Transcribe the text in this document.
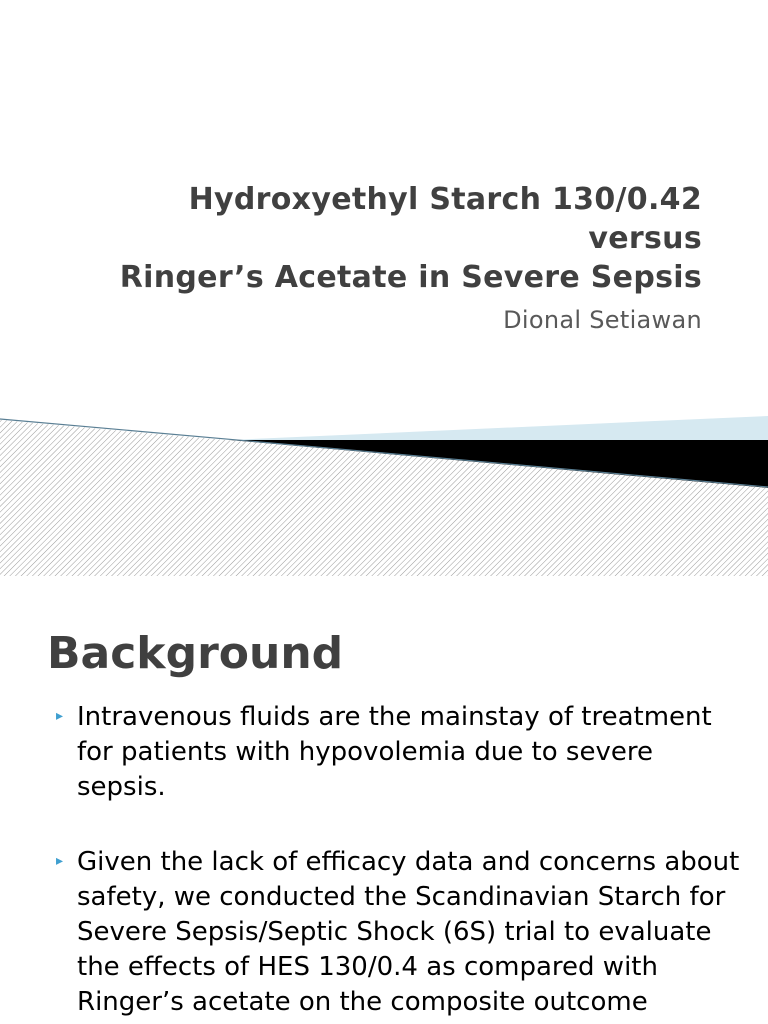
Hydroxyethyl Starch 130/0.42
versus
Ringer’s Acetate in Severe Sepsis

Dional Setiawan

Background
▸ Intravenous fluids are the mainstay of treatment for patients with hypovolemia due to severe sepsis.
▸ Given the lack of efficacy data and concerns about safety, we conducted the Scandinavian Starch for Severe Sepsis/Septic Shock (6S) trial to evaluate the effects of HES 130/0.4 as compared with Ringer’s acetate on the composite outcome
